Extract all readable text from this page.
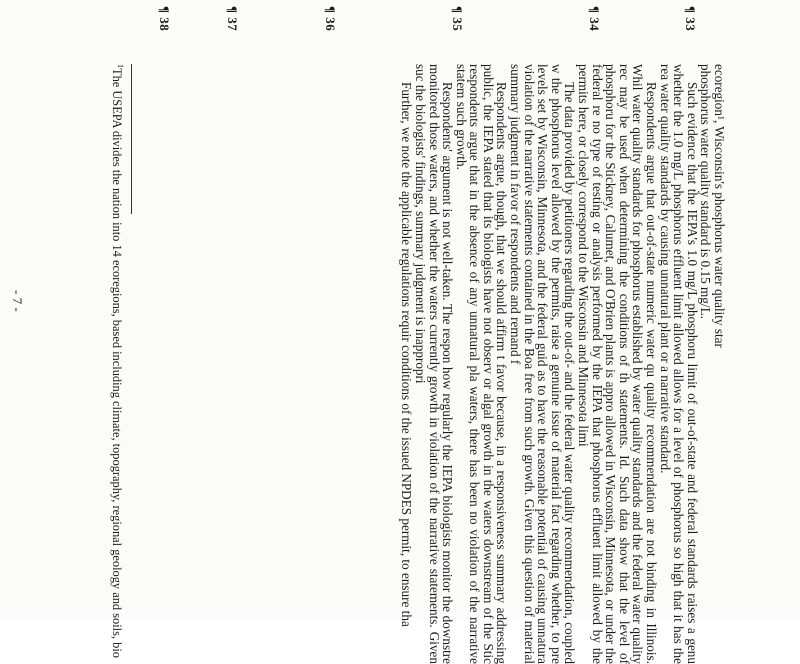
¶ 33
¶ 34
¶ 35
¶ 36
¶ 37
¶ 38

ecoregion¹, Wisconsin's phosphorus water quality star

phosphorus water quality standard is 0.15 mg/L.

Such evidence that the IEPA's 1.0 mg/L phosphoru limit of out-of-state and federal standards raises a genu whether the 1.0 mg/L phosphorus effluent limit allowed allows for a level of phosphorus so high that it has the rea water quality standards by causing unnatural plant or a narrative standard.

Respondents argue that out-of-state numeric water qu quality recommendation are not binding in Illinois. Whil water quality standards for phosphorus established by water quality standards and the federal water quality rec may be used when determining the conditions of th statements. Id. Such data show that the level of phosphoru for the Stickney, Calumet, and O'Brien plants is appro allowed in Wisconsin, Minnesota, or under the federal re no type of testing or analysis performed by the IEPA that phosphorus effluent limit allowed by the permits here, or closely correspond to the Wisconsin and Minnesota limi

The data provided by petitioners regarding the out-of- and the federal water quality recommendation, coupled w the phosphorus level allowed by the permits, raise a genuine issue of material fact regarding whether, to pre levels set by Wisconsin, Minnesota, and the federal guid as to have the reasonable potential of causing unnatura violation of the narrative statements contained in the Boa free from such growth. Given this question of material summary judgment in favor of respondents and remand f

Respondents argue, though, that we should affirm t favor because, in a responsiveness summary addressing public, the IEPA stated that its biologists have not observ or algal growth in the waters downstream of the Stic respondents argue that in the absence of any unnatural pla waters, there has been no violation of the narrative statem such growth.

Respondents' argument is not well-taken. The respon how regularly the IEPA biologists monitor the downstre monitored those waters, and whether the waters currently growth in violation of the narrative statements. Given suc the biologists' findings, summary judgment is inappropri

Further, we note the applicable regulations requir conditions of the issued NPDES permit, to ensure tha

$^1$The USEPA divides the nation into 14 ecoregions, based including climate, topography, regional geology and soils, bio
- 7 -
